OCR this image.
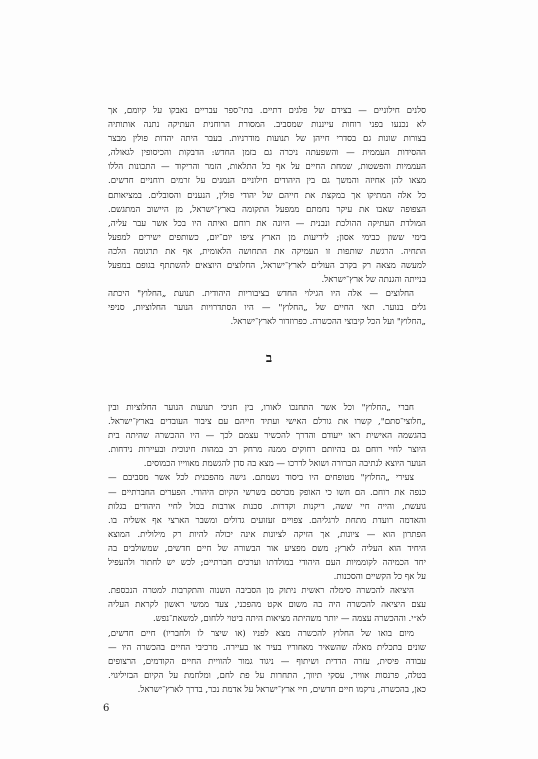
סלנים חילוניים — בצידם של פלגים דתיים. בתי־ספר עבריים נאבקו על קיומם, אך

לא נכנעו בפני רוחות עייננות שמסביב. המסורת הרוחנית העתיקה נתנה אותותיה

בצורות שונות גם בסדרי חייהן של תנועות מודרניות. בעבר היתה יהדות פולין מבצר

ההסידות העממית — והשפעתה ניכרה גם בזמן החדש: הדבקות והכיסופין לגאולה,

העממיות והפשטות, שמחת החיים על אף כל התלאות, הזמר והריקוד — התכונות הללו

מצאו להן אחיזה והמשך גם בין היהודים חילוניים הנמנים על זרמים רוחניים חדשים.

כל אלה המתיקו אך במקצת את חייהם של יהודי פולין, הנענים והסובלים. במציאותם

הצפופה שאבו את עיקר נחמתם ממפעל התקומה בארץ־ישראל, מן היישוב המתגשם.

המולדת העתיקה ההולכת ונבנית — היונה את רוחם ואיתה היו בכל אשר עבר עליה,

בימי ששון כבימי אסון; לידיעות מן הארץ ציפו יום־יום, כשותפים ישירים למפעל

התחיה. הרגשת שותפות זו העמיקה את התחושה הלאומית, אף את תרגומה הלכה

למעשה מצאה רק בקרב העולים לארץ־ישראל, החלוצים היוצאים להשתתף בגופם במפעל

בנייתה והגנתה של ארץ־ישראל.

החלוצים — אלה היו הגילוי החדש בציבוריות היהודית. תנועת „החלוץ" היכתה

גלים בנוער. תאי החיים של „החלוץ" — היו הסתדרויות הנוער החלוציות, סניפי

„החלוץ" ועל הכל קיבוצי ההכשרה. כפרוזדור לארץ־ישראל.

ב

חברי „החלוץ" וכל אשר התחנכו לאורו, בין חניכי תנועות הנוער החלוציות ובין

„חלוצי־סתם", קשרו את גורלם האישי ועתיד חייהם עם ציבור העובדים בארץ־ישראל.

בהגשמה האישית ראו ייעודם והדרך להכשיר עצמם לכך — היו ההכשרה שהיתה בית

היוצר לחיי רוחם גם בהיותם רחוקים ממנה מרחק רב במהות חינוכית ובעיירות נידחות.

הנוער היוצא לנתיבה הברורה ושואל לדרכו — מצא בה סדן להגשמת מאווייו הכמוסים.

צעירי „החלוץ" מטופחים היו ביסוד נשמתם. גישה מהפכנית לכל אשר מסביבם —

כנפה את רוחם. הם חשו כי האופק מכרסם בשרשי הקיום היהודי. הפערים החברתיים —

גועשת, והייה חיי ששה, ריקנות וקדרות. סכנות אורבות בכול לחיי היהודים בגלות

והאדמה רועדת מתחת לרגליהם. צפויים זעזועים גדולים ומשבר הארצי אף אשליה בו.

הפתרון הוא — ציונות, אך הזיקה לציונות אינה יכולה להיות רק מילולית. המוצא

היחיד הוא העליה לארץ; משם מפציע אור הבשורה של חיים חדשים, שמשולבים בה

יחד הכמיהה לקוממיות העם היהודי במולדתו וערכים חברתיים; לכש יש לחתור ולהעפיל

על אף כל הקשיים והסכנות.

היציאה להכשרה סימלה ראשית ניתוק מן הסביבה השנוה והתקרבות למטרה הנכספת.

עצם היציאה להכשרה היה בה משום אקט מהפכני, צעד ממשי ראשון לקראת העליה

לא״י. וההכשרה עצמה — יותר משהיתה מציאות היתה ביטוי ללחום, למשאת־נפש.

מיום בואו של החלוץ להכשרה מצא לפניו (או שיצר לו ולחבריו) חיים חדשים,

שונים בתכלית מאלה שהשאיר מאחוריו בעיר או בעיירה. מרכיבי החיים בהכשרה היו —

עבודה פיסית, עזרה הדדית ושיתוף — ניגוד גמור להוויית החיים הקודמים, הרצופים

בטלה, פרנסות אוויר, עסקי תיווך, התחרות על פת לחם, ומלחמת על הקיום הבזיליגוי.

כאן, בהכשרה, נרקמו חיים חדשים, חיי ארץ־ישראל על אדמת נכר, בדרך לארץ־ישראל.

6
